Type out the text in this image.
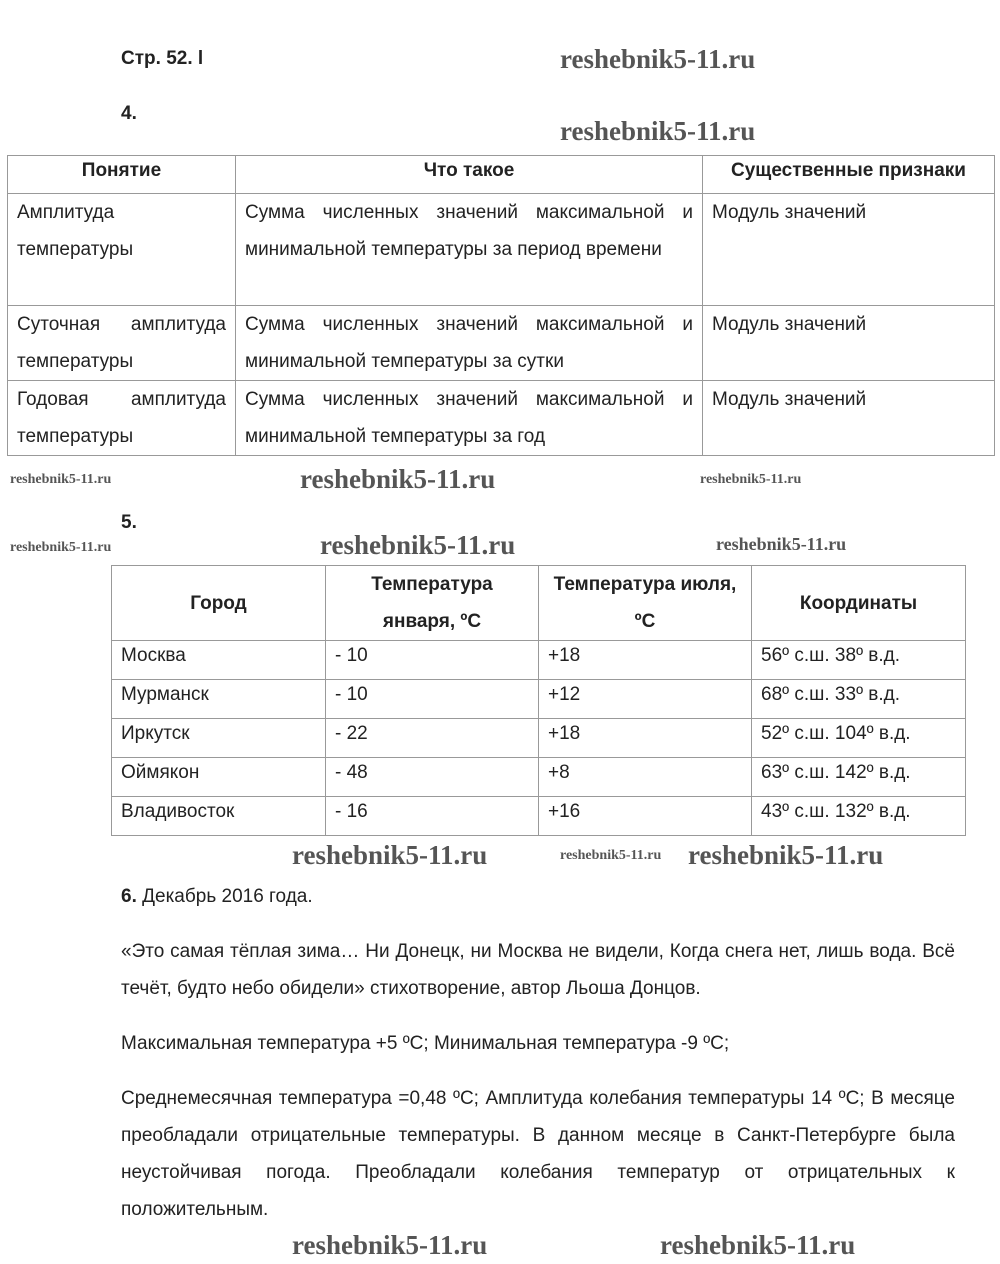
Стр. 52. l
4.
Понятие	Что такое	Существенные признаки
Амплитуда температуры	Сумма численных значений максимальной и минимальной температуры за период времени	Модуль значений
Суточная амплитуда температуры	Сумма численных значений максимальной и минимальной температуры за сутки	Модуль значений
Годовая амплитуда температуры	Сумма численных значений максимальной и минимальной температуры за год	Модуль значений
5.
Город	Температура января, ºС	Температура июля, ºС	Координаты
Москва	- 10	+18	56º с.ш. 38º в.д.
Мурманск	- 10	+12	68º с.ш. 33º в.д.
Иркутск	- 22	+18	52º с.ш. 104º в.д.
Оймякон	- 48	+8	63º с.ш. 142º в.д.
Владивосток	- 16	+16	43º с.ш. 132º в.д.
6. Декабрь 2016 года.
«Это самая тёплая зима… Ни Донецк, ни Москва не видели, Когда снега нет, лишь вода. Всё течёт, будто небо обидели» стихотворение, автор Льоша Донцов.
Максимальная температура +5 ºС; Минимальная температура -9 ºС;
Среднемесячная температура =0,48 ºС; Амплитуда колебания температуры 14 ºС; В месяце преобладали отрицательные температуры. В данном месяце в Санкт-Петербурге была неустойчивая погода. Преобладали колебания температур от отрицательных к положительным.
reshebnik5-11.ru
reshebnik5-11.ru
reshebnik5-11.ru	reshebnik5-11.ru
reshebnik5-11.ru
reshebnik5-11.ru	reshebnik5-11.ru	reshebnik5-11.ru
reshebnik5-11.ru
reshebnik5-11.ru	reshebnik5-11.ru
reshebnik5-11.ru	reshebnik5-11.ru
